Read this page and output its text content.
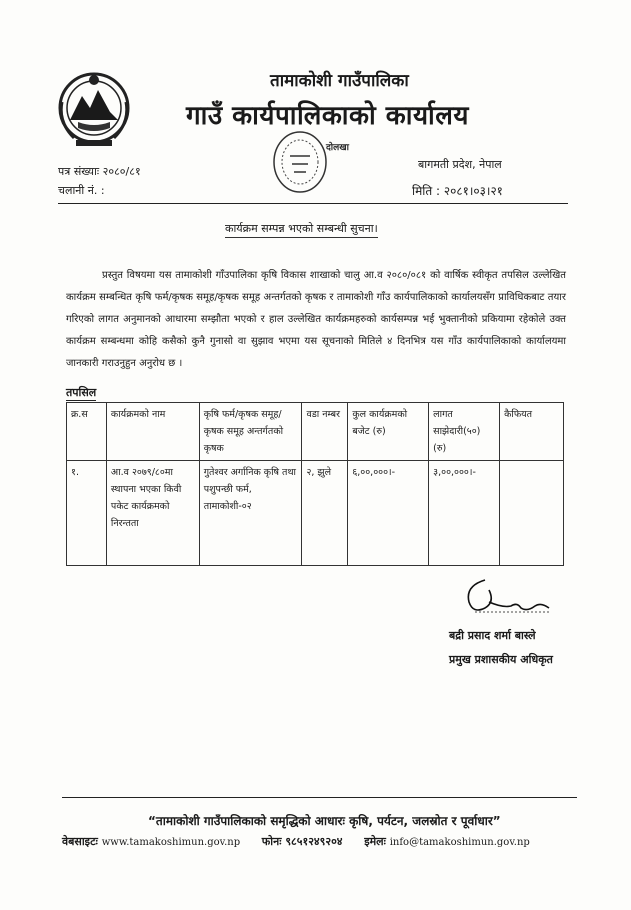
तामाकोशी गाउँपालिका
गाउँ कार्यपालिकाको कार्यालय
दोलखा
पत्र संख्याः २०८०/८१
चलानी नं. :
बागमती प्रदेश, नेपाल
मिति : २०८१।०३।२१
कार्यक्रम सम्पन्न भएको सम्बन्धी सुचना।
प्रस्तुत विषयमा यस तामाकोशी गाँउपालिका कृषि विकास शाखाको चालु आ.व २०८०/०८१ को वार्षिक स्वीकृत तपसिल उल्लेखित कार्यक्रम सम्बन्धित कृषि फर्म/कृषक समूह/कृषक समूह अन्तर्गतको कृषक र तामाकोशी गाँउ कार्यपालिकाको कार्यालयसँग प्राविधिकबाट तयार गरिएको लागत अनुमानको आधारमा सम्झौता भएको र हाल उल्लेखित कार्यक्रमहरुको कार्यसम्पन्न भई भुक्तानीको प्रकियामा रहेकोले उक्त कार्यक्रम सम्बन्धमा कोहि कसैको कुनै गुनासो वा सुझाव भएमा यस सूचनाको मितिले ४ दिनभित्र यस गाँउ कार्यपालिकाको कार्यालयमा जानकारी गराउनुहुन अनुरोध छ ।
तपसिल
क्र.स	कार्यक्रमको नाम	कृषि फर्म/कृषक समूह/कृषक समूह अन्तर्गतको कृषक	वडा नम्बर	कुल कार्यक्रमको बजेट (रु)	लागत साझेदारी(५०) (रु)	कैफियत
१.	आ.व २०७९/८०मा स्थापना भएका किवी पकेट कार्यक्रमको निरन्तता	गुतेश्वर अर्गानिक कृषि तथा पशुपन्छी फर्म, तामाकोशी-०२	२, झुले	६,००,०००।-	३,००,०००।-	
बद्री प्रसाद शर्मा बास्ले
प्रमुख प्रशासकीय अधिकृत
“तामाकोशी गाउँपालिकाको समृद्धिको आधारः कृषि, पर्यटन, जलस्रोत र पूर्वाधार”
वेबसाइटः www.tamakoshimun.gov.np फोनः ९८५१२४९२०४ इमेलः info@tamakoshimun.gov.np
